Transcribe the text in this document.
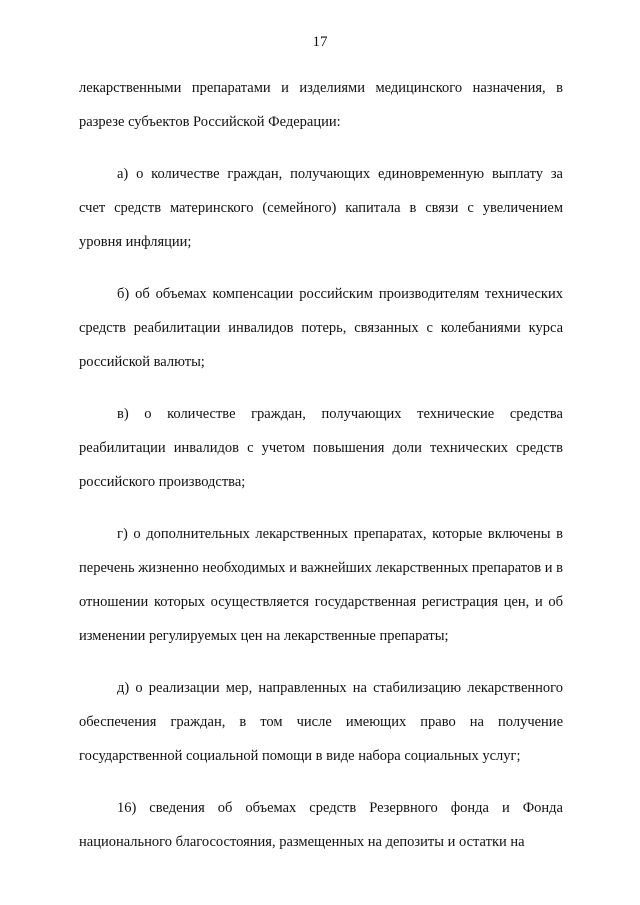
17

лекарственными препаратами и изделиями медицинского назначения, в разрезе субъектов Российской Федерации:

а) о количестве граждан, получающих единовременную выплату за счет средств материнского (семейного) капитала в связи с увеличением уровня инфляции;

б) об объемах компенсации российским производителям технических средств реабилитации инвалидов потерь, связанных с колебаниями курса российской валюты;

в) о количестве граждан, получающих технические средства реабилитации инвалидов с учетом повышения доли технических средств российского производства;

г) о дополнительных лекарственных препаратах, которые включены в перечень жизненно необходимых и важнейших лекарственных препаратов и в отношении которых осуществляется государственная регистрация цен, и об изменении регулируемых цен на лекарственные препараты;

д) о реализации мер, направленных на стабилизацию лекарственного обеспечения граждан, в том числе имеющих право на получение государственной социальной помощи в виде набора социальных услуг;

16) сведения об объемах средств Резервного фонда и Фонда национального благосостояния, размещенных на депозиты и остатки на
